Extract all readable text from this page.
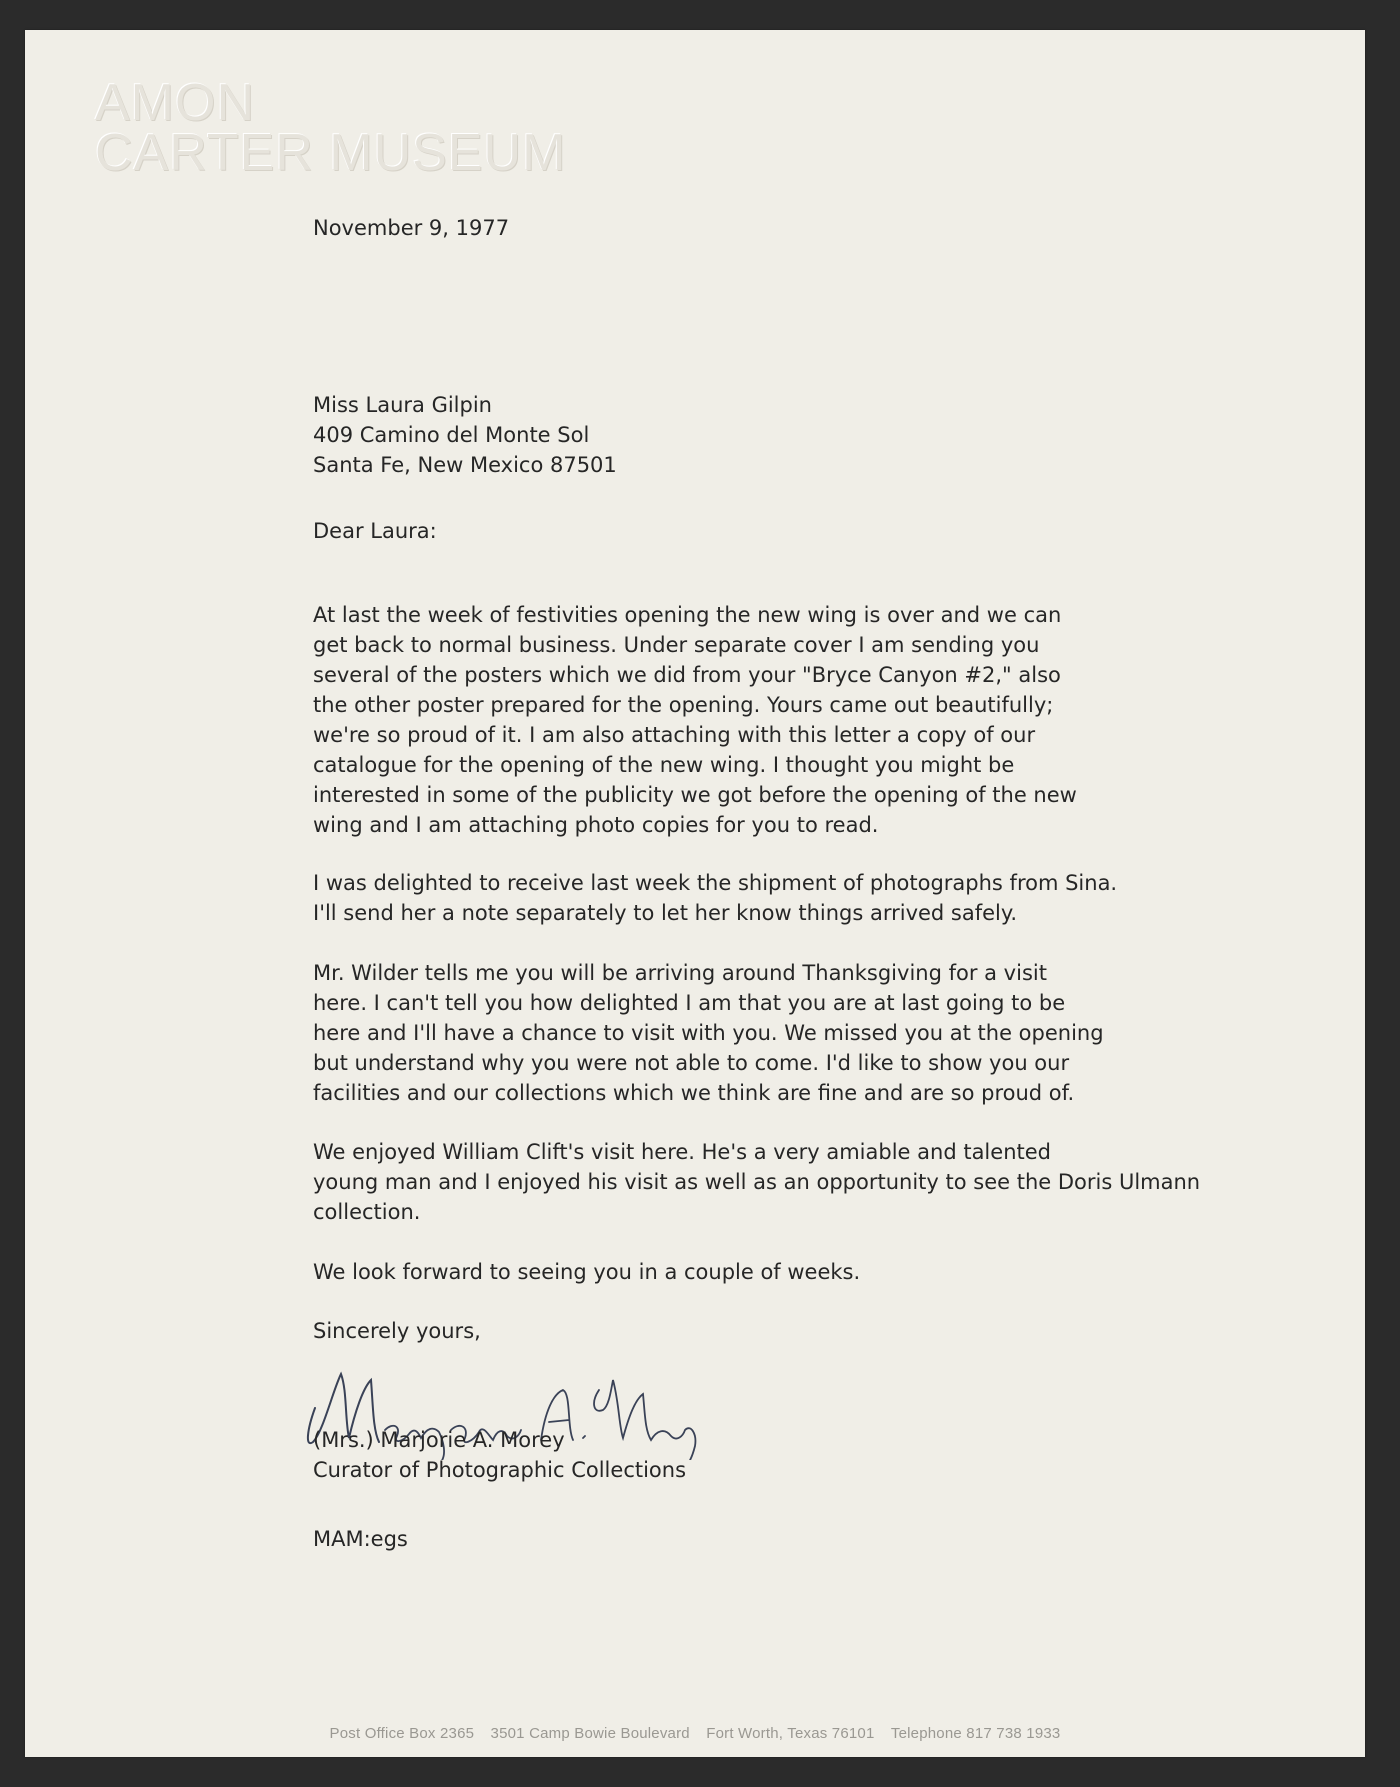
AMON
CARTER MUSEUM
November 9, 1977
Miss Laura Gilpin
409 Camino del Monte Sol
Santa Fe, New Mexico 87501
Dear Laura:
At last the week of festivities opening the new wing is over and we can
get back to normal business. Under separate cover I am sending you
several of the posters which we did from your "Bryce Canyon #2," also
the other poster prepared for the opening. Yours came out beautifully;
we're so proud of it. I am also attaching with this letter a copy of our
catalogue for the opening of the new wing. I thought you might be
interested in some of the publicity we got before the opening of the new
wing and I am attaching photo copies for you to read.
I was delighted to receive last week the shipment of photographs from Sina.
I'll send her a note separately to let her know things arrived safely.
Mr. Wilder tells me you will be arriving around Thanksgiving for a visit
here. I can't tell you how delighted I am that you are at last going to be
here and I'll have a chance to visit with you. We missed you at the opening
but understand why you were not able to come. I'd like to show you our
facilities and our collections which we think are fine and are so proud of.
We enjoyed William Clift's visit here. He's a very amiable and talented
young man and I enjoyed his visit as well as an opportunity to see the Doris Ulmann
collection.
We look forward to seeing you in a couple of weeks.
Sincerely yours,
(Mrs.) Marjorie A. Morey
Curator of Photographic Collections
MAM:egs
Post Office Box 2365 3501 Camp Bowie Boulevard Fort Worth, Texas 76101 Telephone 817 738 1933
